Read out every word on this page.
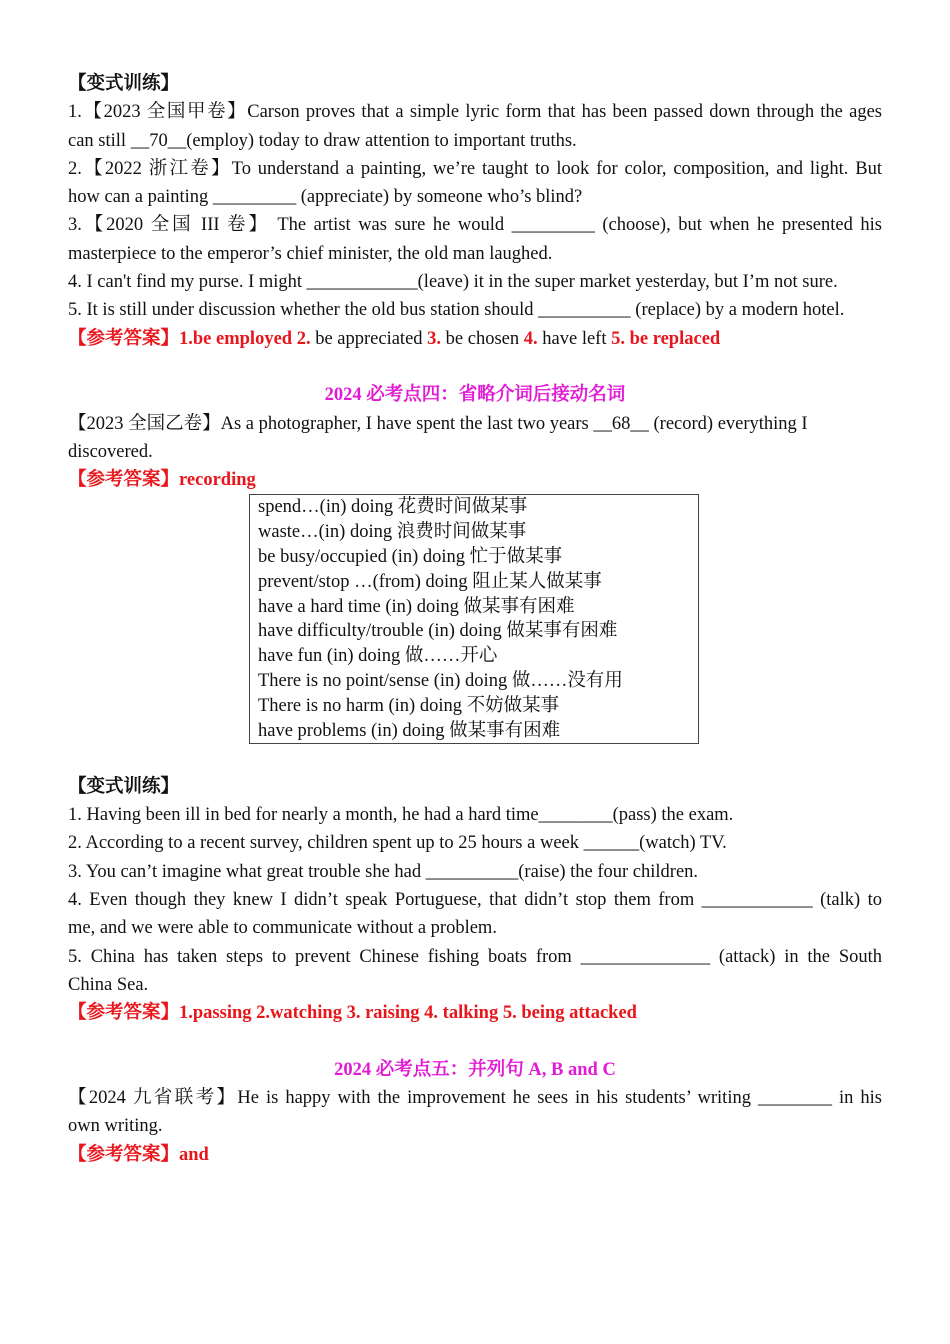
【变式训练】
1.【2023 全国甲卷】Carson proves that a simple lyric form that has been passed down through the ages
can still __70__(employ) today to draw attention to important truths.
2.【2022 浙江卷】To understand a painting, we’re taught to look for color, composition, and light. But
how can a painting _________ (appreciate) by someone who’s blind?
3.【2020 全国 III 卷】 The artist was sure he would _________ (choose), but when he presented his
masterpiece to the emperor’s chief minister, the old man laughed.
4. I can't find my purse. I might ____________(leave) it in the super market yesterday, but I’m not sure.
5. It is still under discussion whether the old bus station should __________ (replace) by a modern hotel.
【参考答案】1.be employed 2. be appreciated 3. be chosen 4. have left 5. be replaced
2024 必考点四：省略介词后接动名词
【2023 全国乙卷】As a photographer, I have spent the last two years __68__ (record) everything I
discovered.
【参考答案】recording
spend…(in) doing 花费时间做某事
waste…(in) doing 浪费时间做某事
be busy/occupied (in) doing 忙于做某事
prevent/stop …(from) doing 阻止某人做某事
have a hard time (in) doing 做某事有困难
have difficulty/trouble (in) doing 做某事有困难
have fun (in) doing 做……开心
There is no point/sense (in) doing 做……没有用
There is no harm (in) doing 不妨做某事
have problems (in) doing 做某事有困难
【变式训练】
1. Having been ill in bed for nearly a month, he had a hard time________(pass) the exam.
2. According to a recent survey, children spent up to 25 hours a week ______(watch) TV.
3. You can’t imagine what great trouble she had __________(raise) the four children.
4. Even though they knew I didn’t speak Portuguese, that didn’t stop them from ____________ (talk) to
me, and we were able to communicate without a problem.
5. China has taken steps to prevent Chinese fishing boats from ______________ (attack) in the South
China Sea.
【参考答案】1.passing 2.watching 3. raising 4. talking 5. being attacked
2024 必考点五：并列句 A, B and C
【2024 九省联考】He is happy with the improvement he sees in his students’ writing ________ in his
own writing.
【参考答案】and
